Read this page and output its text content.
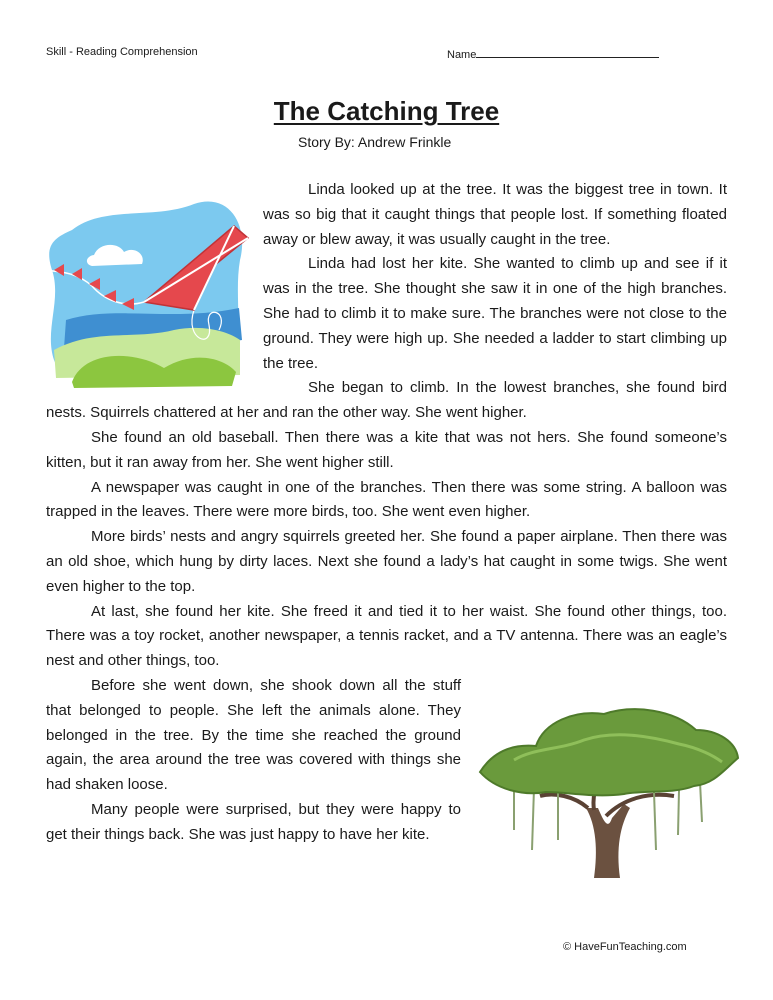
Skill - Reading Comprehension	Name
The Catching Tree
Story By: Andrew Frinkle

Linda looked up at the tree. It was the biggest tree in town. It was so big that it caught things that people lost. If something floated away or blew away, it was usually caught in the tree.

Linda had lost her kite. She wanted to climb up and see if it was in the tree. She thought she saw it in one of the high branches. She had to climb it to make sure. The branches were not close to the ground. They were high up. She needed a ladder to start climbing up the tree.

She began to climb. In the lowest branches, she found bird nests. Squirrels chattered at her and ran the other way. She went higher.

She found an old baseball. Then there was a kite that was not hers. She found someone’s kitten, but it ran away from her. She went higher still.

A newspaper was caught in one of the branches. Then there was some string. A balloon was trapped in the leaves. There were more birds, too. She went even higher.

More birds’ nests and angry squirrels greeted her. She found a paper airplane. Then there was an old shoe, which hung by dirty laces. Next she found a lady’s hat caught in some twigs. She went even higher to the top.

At last, she found her kite. She freed it and tied it to her waist. She found other things, too. There was a toy rocket, another newspaper, a tennis racket, and a TV antenna. There was an eagle’s nest and other things, too.

Before she went down, she shook down all the stuff that belonged to people. She left the animals alone. They belonged in the tree. By the time she reached the ground again, the area around the tree was covered with things she had shaken loose.

Many people were surprised, but they were happy to get their things back. She was just happy to have her kite.

© HaveFunTeaching.com
